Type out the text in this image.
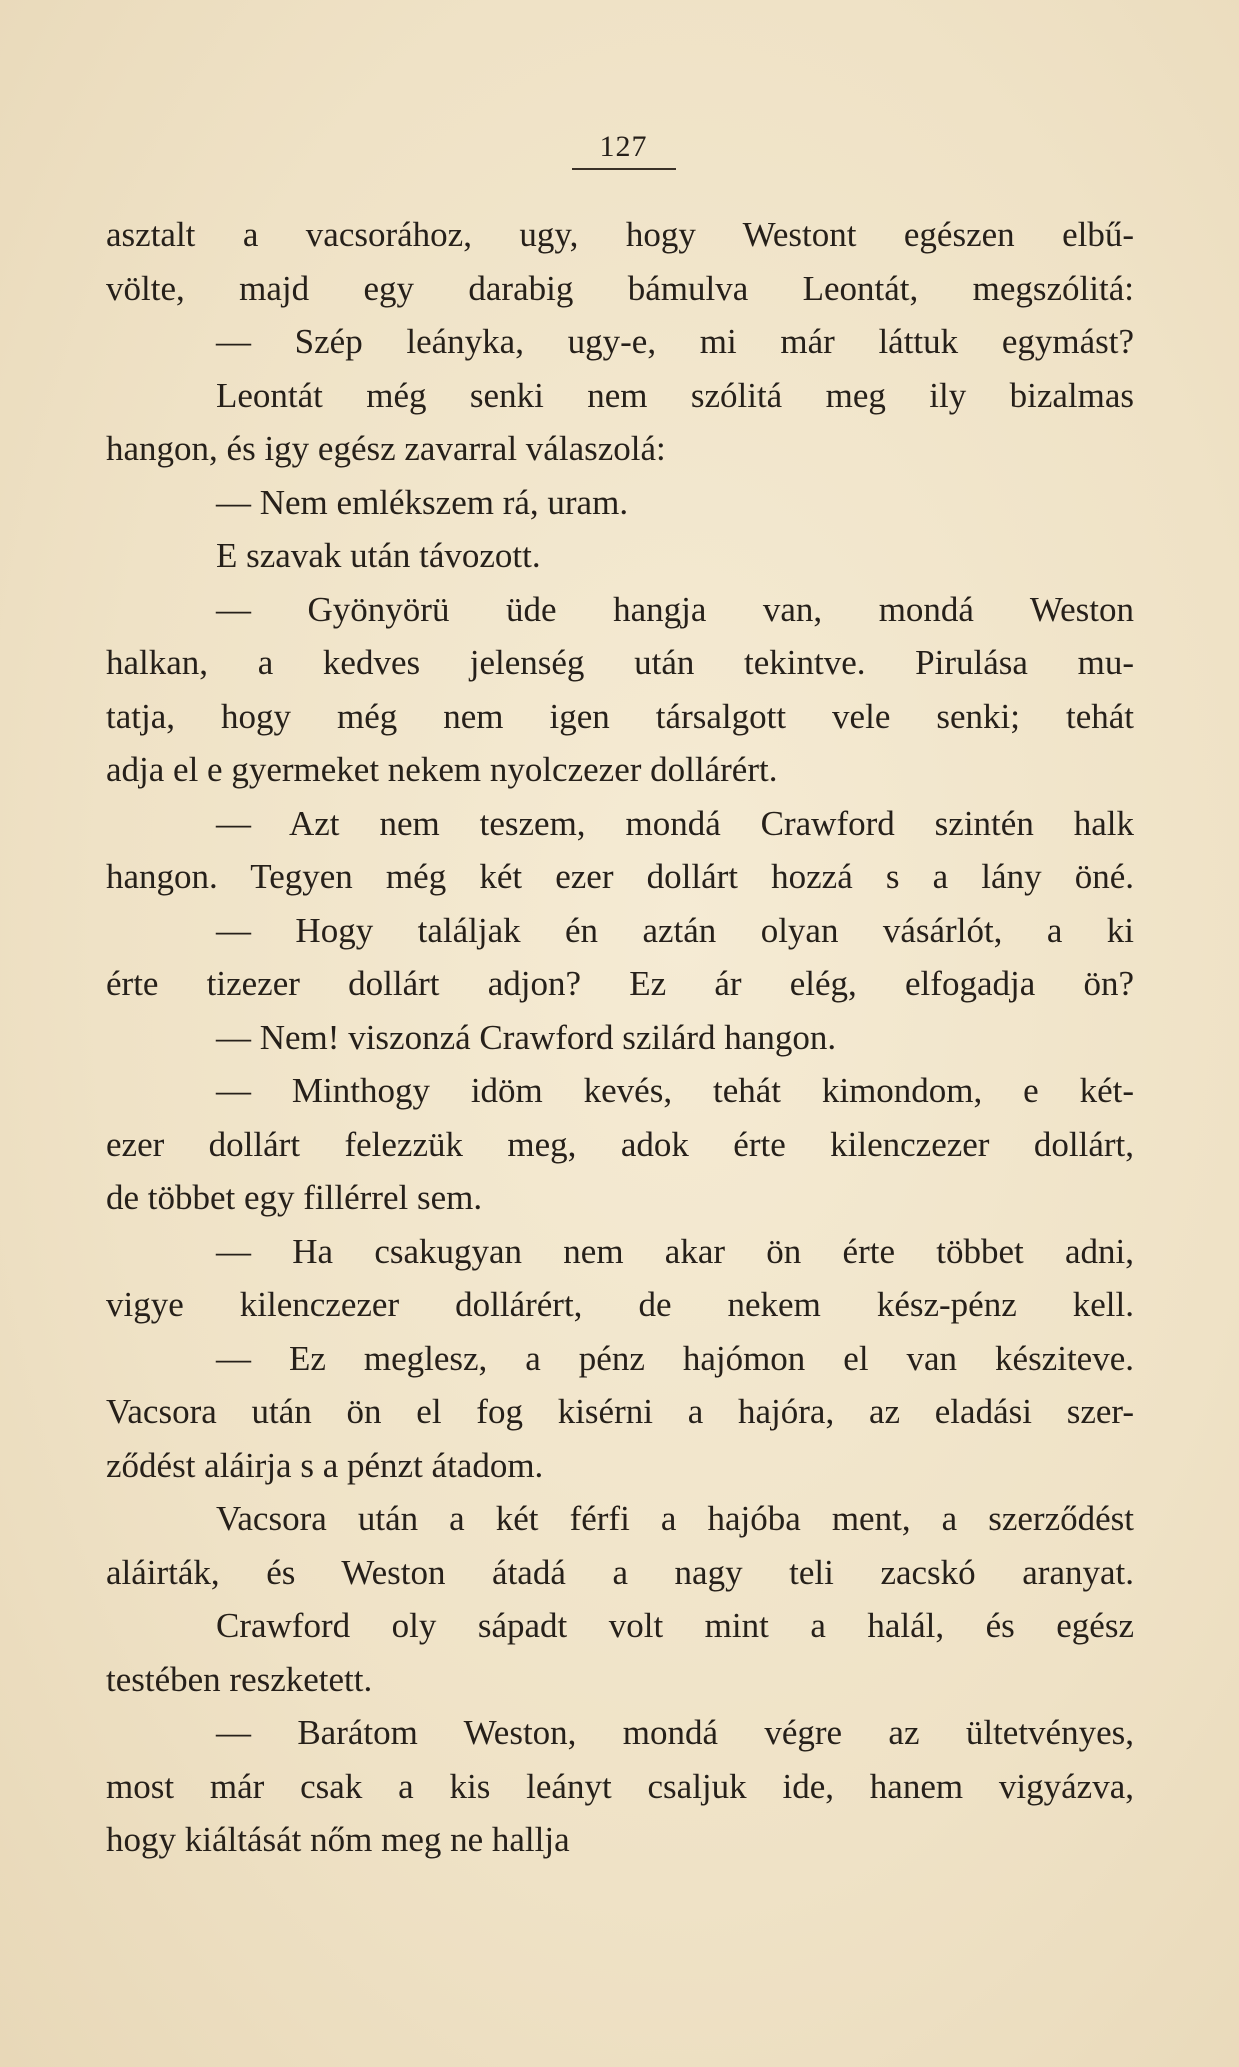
127
asztalt a vacsorához, ugy, hogy Westont egészen elbű-
völte, majd egy darabig bámulva Leontát, megszólitá:
— Szép leányka, ugy-e, mi már láttuk egymást?
Leontát még senki nem szólitá meg ily bizalmas
hangon, és igy egész zavarral válaszolá:
— Nem emlékszem rá, uram.
E szavak után távozott.
— Gyönyörü üde hangja van, mondá Weston
halkan, a kedves jelenség után tekintve. Pirulása mu-
tatja, hogy még nem igen társalgott vele senki; tehát
adja el e gyermeket nekem nyolczezer dollárért.
— Azt nem teszem, mondá Crawford szintén halk
hangon. Tegyen még két ezer dollárt hozzá s a lány öné.
— Hogy találjak én aztán olyan vásárlót, a ki
érte tizezer dollárt adjon? Ez ár elég, elfogadja ön?
— Nem! viszonzá Crawford szilárd hangon.
— Minthogy idöm kevés, tehát kimondom, e két-
ezer dollárt felezzük meg, adok érte kilenczezer dollárt,
de többet egy fillérrel sem.
— Ha csakugyan nem akar ön érte többet adni,
vigye kilenczezer dollárért, de nekem kész-pénz kell.
— Ez meglesz, a pénz hajómon el van késziteve.
Vacsora után ön el fog kisérni a hajóra, az eladási szer-
ződést aláirja s a pénzt átadom.
Vacsora után a két férfi a hajóba ment, a szerződést
aláirták, és Weston átadá a nagy teli zacskó aranyat.
Crawford oly sápadt volt mint a halál, és egész
testében reszketett.
— Barátom Weston, mondá végre az ültetvényes,
most már csak a kis leányt csaljuk ide, hanem vigyázva,
hogy kiáltását nőm meg ne hallja
